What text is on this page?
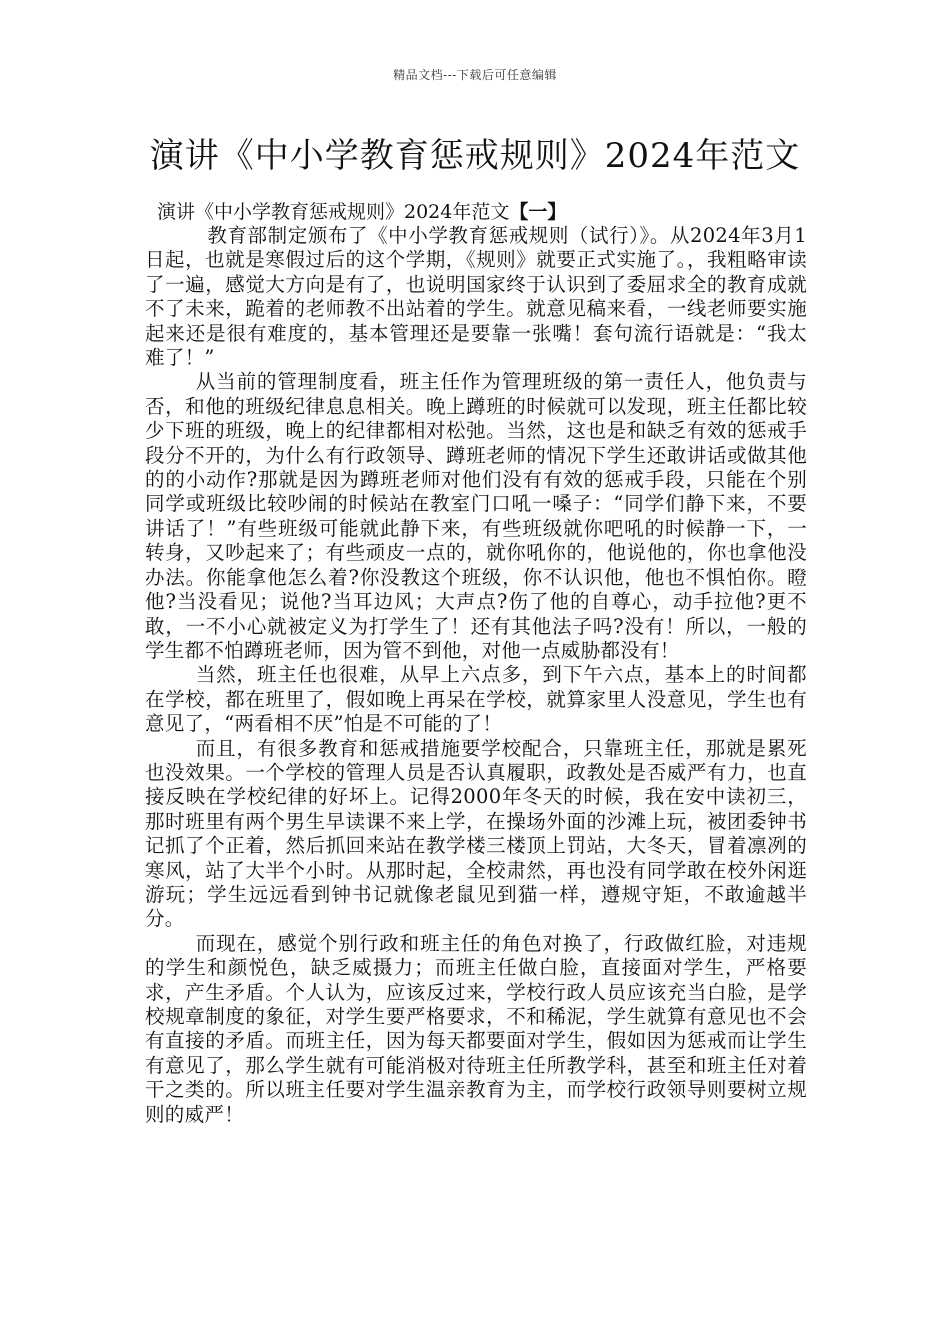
精品文档---下载后可任意编辑
演讲《中小学教育惩戒规则》2024年范文

演讲《中小学教育惩戒规则》2024年范文【一】

教育部制定颁布了《中小学教育惩戒规则（试行）》。从2024年3月1日起，也就是寒假过后的这个学期，《规则》就要正式实施了。，我粗略审读了一遍，感觉大方向是有了，也说明国家终于认识到了委屈求全的教育成就不了未来，跪着的老师教不出站着的学生。就意见稿来看，一线老师要实施起来还是很有难度的，基本管理还是要靠一张嘴！套句流行语就是：“我太难了！”

从当前的管理制度看，班主任作为管理班级的第一责任人，他负责与否，和他的班级纪律息息相关。晚上蹲班的时候就可以发现，班主任都比较少下班的班级，晚上的纪律都相对松弛。当然，这也是和缺乏有效的惩戒手段分不开的，为什么有行政领导、蹲班老师的情况下学生还敢讲话或做其他的的小动作?那就是因为蹲班老师对他们没有有效的惩戒手段，只能在个别同学或班级比较吵闹的时候站在教室门口吼一嗓子：“同学们静下来，不要讲话了！”有些班级可能就此静下来，有些班级就你吧吼的时候静一下，一转身，又吵起来了；有些顽皮一点的，就你吼你的，他说他的，你也拿他没办法。你能拿他怎么着?你没教这个班级，你不认识他，他也不惧怕你。瞪他?当没看见；说他?当耳边风；大声点?伤了他的自尊心，动手拉他?更不敢，一不小心就被定义为打学生了！还有其他法子吗?没有！所以，一般的学生都不怕蹲班老师，因为管不到他，对他一点威胁都没有！

当然，班主任也很难，从早上六点多，到下午六点，基本上的时间都在学校，都在班里了，假如晚上再呆在学校，就算家里人没意见，学生也有意见了，“两看相不厌”怕是不可能的了！

而且，有很多教育和惩戒措施要学校配合，只靠班主任，那就是累死也没效果。一个学校的管理人员是否认真履职，政教处是否威严有力，也直接反映在学校纪律的好坏上。记得2000年冬天的时候，我在安中读初三，那时班里有两个男生早读课不来上学，在操场外面的沙滩上玩，被团委钟书记抓了个正着，然后抓回来站在教学楼三楼顶上罚站，大冬天，冒着凛冽的寒风，站了大半个小时。从那时起，全校肃然，再也没有同学敢在校外闲逛游玩；学生远远看到钟书记就像老鼠见到猫一样，遵规守矩，不敢逾越半分。

而现在，感觉个别行政和班主任的角色对换了，行政做红脸，对违规的学生和颜悦色，缺乏威摄力；而班主任做白脸，直接面对学生，严格要求，产生矛盾。个人认为，应该反过来，学校行政人员应该充当白脸，是学校规章制度的象征，对学生要严格要求，不和稀泥，学生就算有意见也不会有直接的矛盾。而班主任，因为每天都要面对学生，假如因为惩戒而让学生有意见了，那么学生就有可能消极对待班主任所教学科，甚至和班主任对着干之类的。所以班主任要对学生温亲教育为主，而学校行政领导则要树立规则的威严！
